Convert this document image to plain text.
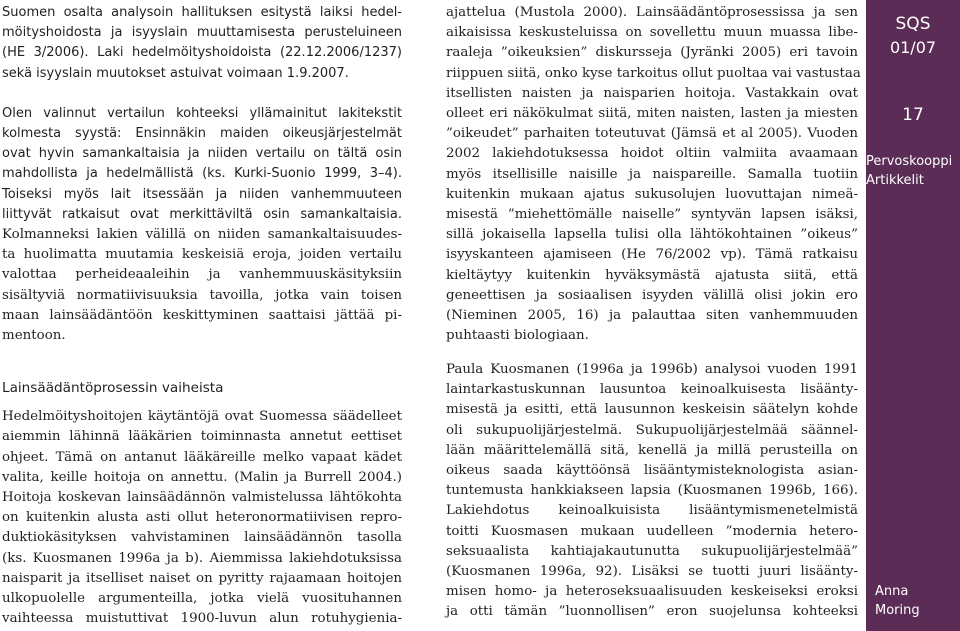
Suomen osalta analysoin hallituksen esitystä laiksi hedel-
möityshoidosta ja isyyslain muuttamisesta perusteluineen
(HE 3/2006). Laki hedelmöityshoidoista (22.12.2006/1237)
sekä isyyslain muutokset astuivat voimaan 1.9.2007.

Olen valinnut vertailun kohteeksi yllämainitut lakitekstit
kolmesta syystä: Ensinnäkin maiden oikeusjärjestelmät
ovat hyvin samankaltaisia ja niiden vertailu on tältä osin
mahdollista ja hedelmällistä (ks. Kurki-Suonio 1999, 3–4).
Toiseksi myös lait itsessään ja niiden vanhemmuuteen
liittyvät ratkaisut ovat merkittäviltä osin samankaltaisia.
Kolmanneksi lakien välillä on niiden samankaltaisuudes-
ta huolimatta muutamia keskeisiä eroja, joiden vertailu
valottaa perheideaaleihin ja vanhemmuuskäsityksiin
sisältyviä normatiivisuuksia tavoilla, jotka vain toisen
maan lainsäädäntöön keskittyminen saattaisi jättää pi-
mentoon.

Lainsäädäntöprosessin vaiheista

Hedelmöityshoitojen käytäntöjä ovat Suomessa säädelleet
aiemmin lähinnä lääkärien toiminnasta annetut eettiset
ohjeet. Tämä on antanut lääkäreille melko vapaat kädet
valita, keille hoitoja on annettu. (Malin ja Burrell 2004.)
Hoitoja koskevan lainsäädännön valmistelussa lähtökohta
on kuitenkin alusta asti ollut heteronormatiivisen repro-
duktiokäsityksen vahvistaminen lainsäädännön tasolla
(ks. Kuosmanen 1996a ja b). Aiemmissa lakiehdotuksissa
naisparit ja itselliset naiset on pyritty rajaamaan hoitojen
ulkopuolelle argumenteilla, jotka vielä vuosituhannen
vaihteessa muistuttivat 1900-luvun alun rotuhygienia-

ajattelua (Mustola 2000). Lainsäädäntöprosessissa ja sen
aikaisissa keskusteluissa on sovellettu muun muassa libe-
raaleja ”oikeuksien” diskursseja (Jyränki 2005) eri tavoin
riippuen siitä, onko kyse tarkoitus ollut puoltaa vai vastustaa
itsellisten naisten ja naisparien hoitoja. Vastakkain ovat
olleet eri näkökulmat siitä, miten naisten, lasten ja miesten
”oikeudet” parhaiten toteutuvat (Jämsä et al 2005). Vuoden
2002 lakiehdotuksessa hoidot oltiin valmiita avaamaan
myös itsellisille naisille ja naispareille. Samalla tuotiin
kuitenkin mukaan ajatus sukusolujen luovuttajan nimeä-
misestä ”miehettömälle naiselle” syntyvän lapsen isäksi,
sillä jokaisella lapsella tulisi olla lähtökohtainen ”oikeus”
isyyskanteen ajamiseen (He 76/2002 vp). Tämä ratkaisu
kieltäytyy kuitenkin hyväksymästä ajatusta siitä, että
geneettisen ja sosiaalisen isyyden välillä olisi jokin ero
(Nieminen 2005, 16) ja palauttaa siten vanhemmuuden
puhtaasti biologiaan.

Paula Kuosmanen (1996a ja 1996b) analysoi vuoden 1991
laintarkastuskunnan lausuntoa keinoalkuisesta lisäänty-
misestä ja esitti, että lausunnon keskeisin säätelyn kohde
oli sukupuolijärjestelmä. Sukupuolijärjestelmää säännel-
lään määrittelemällä sitä, kenellä ja millä perusteilla on
oikeus saada käyttöönsä lisääntymisteknologista asian-
tuntemusta hankkiakseen lapsia (Kuosmanen 1996b, 166).
Lakiehdotus keinoalkuisista lisääntymismenetelmistä
toitti Kuosmasen mukaan uudelleen ”modernia hetero-
seksuaalista kahtiajakautunutta sukupuolijärjestelmää”
(Kuosmanen 1996a, 92). Lisäksi se tuotti juuri lisäänty-
misen homo- ja heteroseksuaalisuuden keskeiseksi eroksi
ja otti tämän ”luonnollisen” eron suojelunsa kohteeksi

SQS
01/07
17
Pervoskooppi
Artikkelit
Anna
Moring
